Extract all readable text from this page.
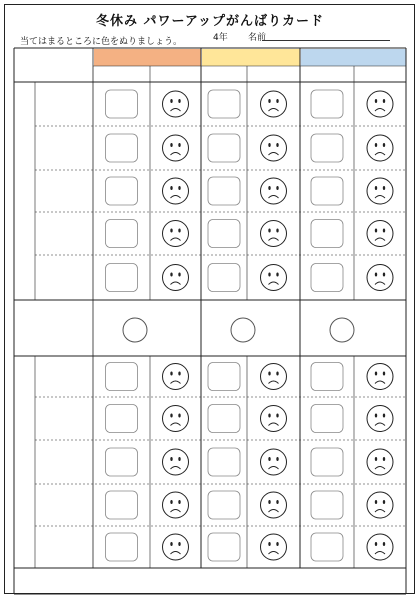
冬休み パワーアップがんばりカード
当てはまるところに色をぬりましょう。	4年 名前
